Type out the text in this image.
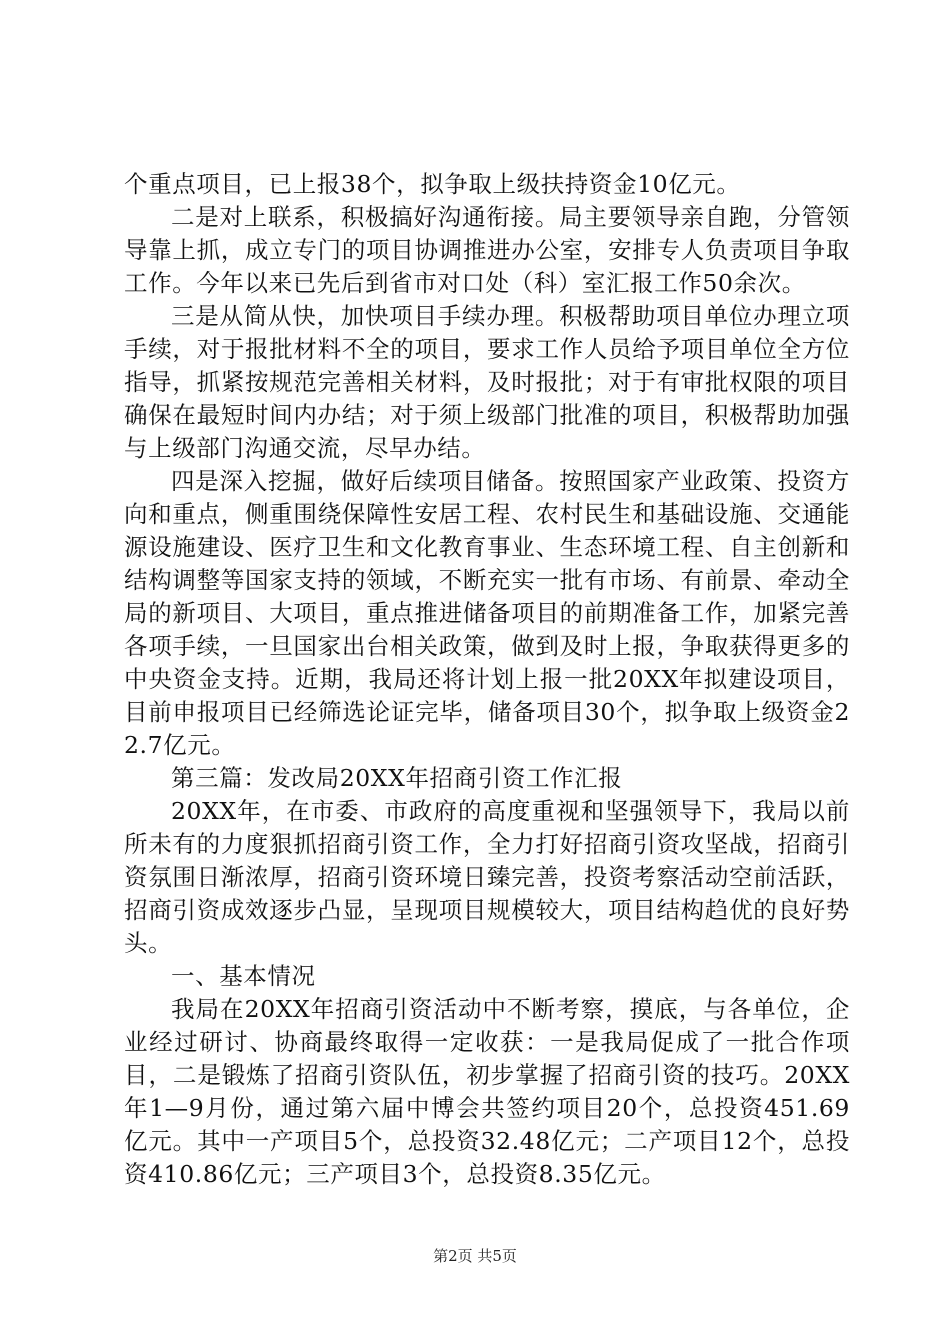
个重点项目，已上报38个，拟争取上级扶持资金10亿元。

二是对上联系，积极搞好沟通衔接。局主要领导亲自跑，分管领导靠上抓，成立专门的项目协调推进办公室，安排专人负责项目争取工作。今年以来已先后到省市对口处（科）室汇报工作50余次。

三是从简从快，加快项目手续办理。积极帮助项目单位办理立项手续，对于报批材料不全的项目，要求工作人员给予项目单位全方位指导，抓紧按规范完善相关材料，及时报批；对于有审批权限的项目确保在最短时间内办结；对于须上级部门批准的项目，积极帮助加强与上级部门沟通交流，尽早办结。

四是深入挖掘，做好后续项目储备。按照国家产业政策、投资方向和重点，侧重围绕保障性安居工程、农村民生和基础设施、交通能源设施建设、医疗卫生和文化教育事业、生态环境工程、自主创新和结构调整等国家支持的领域，不断充实一批有市场、有前景、牵动全局的新项目、大项目，重点推进储备项目的前期准备工作，加紧完善各项手续，一旦国家出台相关政策，做到及时上报，争取获得更多的中央资金支持。近期，我局还将计划上报一批20XX年拟建设项目，目前申报项目已经筛选论证完毕，储备项目30个，拟争取上级资金22.7亿元。

第三篇：发改局20XX年招商引资工作汇报

20XX年，在市委、市政府的高度重视和坚强领导下，我局以前所未有的力度狠抓招商引资工作，全力打好招商引资攻坚战，招商引资氛围日渐浓厚，招商引资环境日臻完善，投资考察活动空前活跃，招商引资成效逐步凸显，呈现项目规模较大，项目结构趋优的良好势头。

一、基本情况

我局在20XX年招商引资活动中不断考察，摸底，与各单位，企业经过研讨、协商最终取得一定收获：一是我局促成了一批合作项目，二是锻炼了招商引资队伍，初步掌握了招商引资的技巧。20XX年1—9月份，通过第六届中博会共签约项目20个，总投资451.69亿元。其中一产项目5个，总投资32.48亿元；二产项目12个，总投资410.86亿元；三产项目3个，总投资8.35亿元。

第2页 共5页
